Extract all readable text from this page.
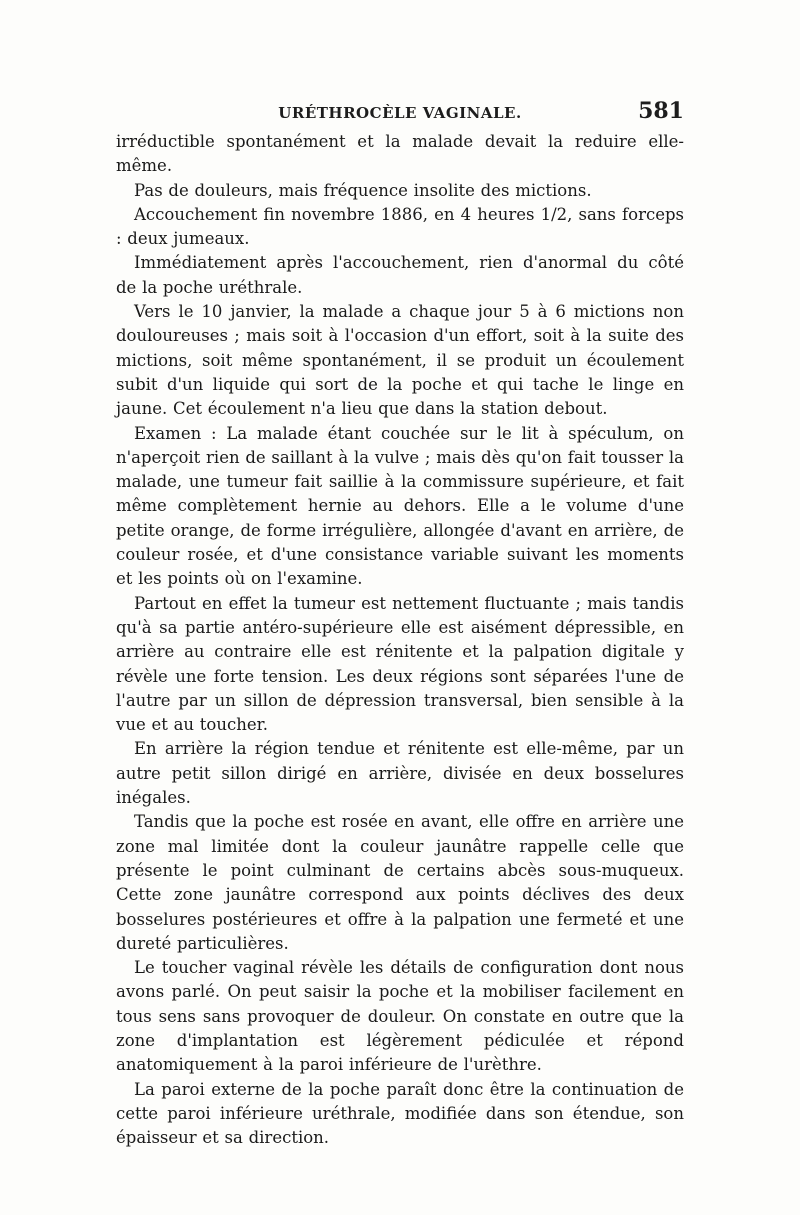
URÉTHROCÈLE VAGINALE.	581

irréductible spontanément et la malade devait la reduire elle-même.

Pas de douleurs, mais fréquence insolite des mictions.

Accouchement fin novembre 1886, en 4 heures 1/2, sans forceps : deux jumeaux.

Immédiatement après l'accouchement, rien d'anormal du côté de la poche uréthrale.

Vers le 10 janvier, la malade a chaque jour 5 à 6 mictions non douloureuses ; mais soit à l'occasion d'un effort, soit à la suite des mictions, soit même spontanément, il se produit un écoulement subit d'un liquide qui sort de la poche et qui tache le linge en jaune. Cet écoulement n'a lieu que dans la station debout.

Examen : La malade étant couchée sur le lit à spéculum, on n'aperçoit rien de saillant à la vulve ; mais dès qu'on fait tousser la malade, une tumeur fait saillie à la commissure supérieure, et fait même complètement hernie au dehors. Elle a le volume d'une petite orange, de forme irrégulière, allongée d'avant en arrière, de couleur rosée, et d'une consistance variable suivant les moments et les points où on l'examine.

Partout en effet la tumeur est nettement fluctuante ; mais tandis qu'à sa partie antéro-supérieure elle est aisément dépressible, en arrière au contraire elle est rénitente et la palpation digitale y révèle une forte tension. Les deux régions sont séparées l'une de l'autre par un sillon de dépression transversal, bien sensible à la vue et au toucher.

En arrière la région tendue et rénitente est elle-même, par un autre petit sillon dirigé en arrière, divisée en deux bosselures inégales.

Tandis que la poche est rosée en avant, elle offre en arrière une zone mal limitée dont la couleur jaunâtre rappelle celle que présente le point culminant de certains abcès sous-muqueux. Cette zone jaunâtre correspond aux points déclives des deux bosselures postérieures et offre à la palpation une fermeté et une dureté particulières.

Le toucher vaginal révèle les détails de configuration dont nous avons parlé. On peut saisir la poche et la mobiliser facilement en tous sens sans provoquer de douleur. On constate en outre que la zone d'implantation est légèrement pédiculée et répond anatomiquement à la paroi inférieure de l'urèthre.

La paroi externe de la poche paraît donc être la continuation de cette paroi inférieure uréthrale, modifiée dans son étendue, son épaisseur et sa direction.
